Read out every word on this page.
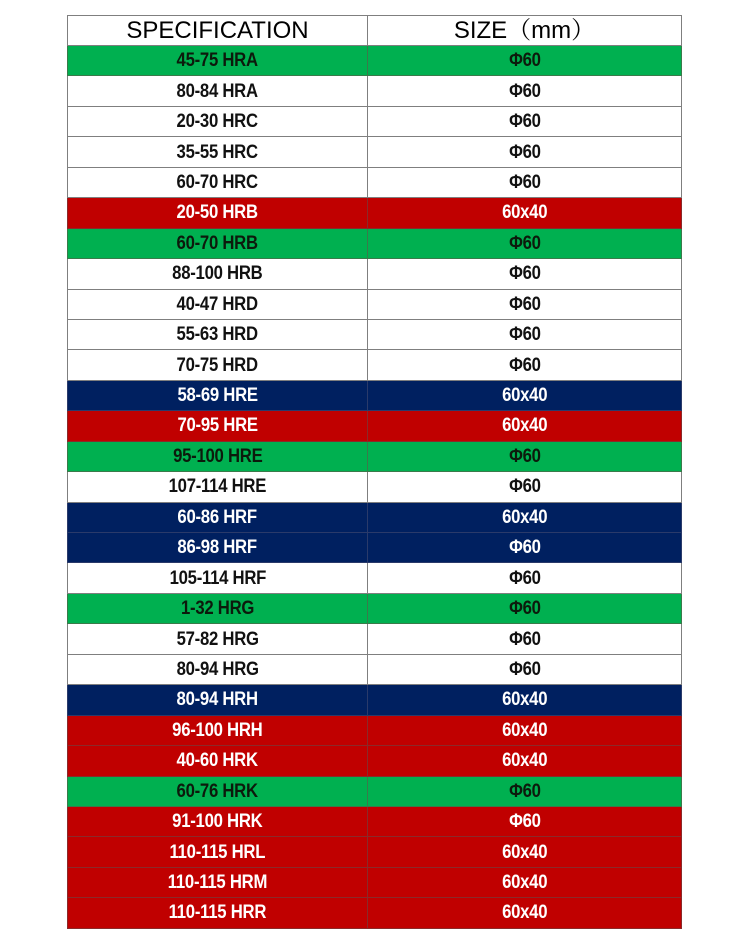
SPECIFICATION	SIZE（mm）
45-75 HRA	Φ60
80-84 HRA	Φ60
20-30 HRC	Φ60
35-55 HRC	Φ60
60-70 HRC	Φ60
20-50 HRB	60x40
60-70 HRB	Φ60
88-100 HRB	Φ60
40-47 HRD	Φ60
55-63 HRD	Φ60
70-75 HRD	Φ60
58-69 HRE	60x40
70-95 HRE	60x40
95-100 HRE	Φ60
107-114 HRE	Φ60
60-86 HRF	60x40
86-98 HRF	Φ60
105-114 HRF	Φ60
1-32 HRG	Φ60
57-82 HRG	Φ60
80-94 HRG	Φ60
80-94 HRH	60x40
96-100 HRH	60x40
40-60 HRK	60x40
60-76 HRK	Φ60
91-100 HRK	Φ60
110-115 HRL	60x40
110-115 HRM	60x40
110-115 HRR	60x40
